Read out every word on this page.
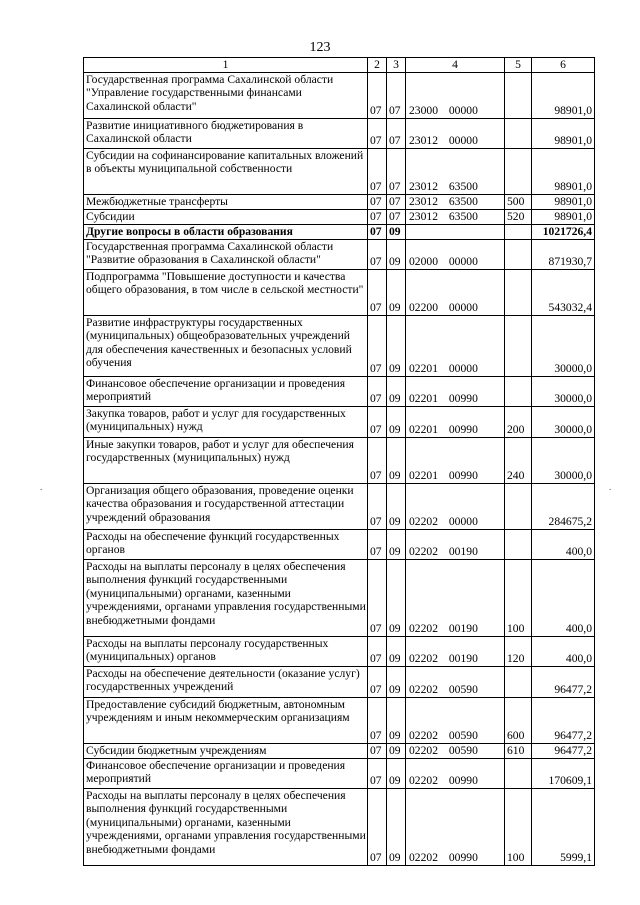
123
1	2	3	4	5	6
Государственная программа Сахалинской области "Управление государственными финансами Сахалинской области"	07	07	23000 00000		98901,0
Развитие инициативного бюджетирования в Сахалинской области	07	07	23012 00000		98901,0
Субсидии на софинансирование капитальных вложений в объекты муниципальной собственности	07	07	23012 63500		98901,0
Межбюджетные трансферты	07	07	23012 63500	500	98901,0
Субсидии	07	07	23012 63500	520	98901,0
Другие вопросы в области образования	07	09			1021726,4
Государственная программа Сахалинской области "Развитие образования в Сахалинской области"	07	09	02000 00000		871930,7
Подпрограмма "Повышение доступности и качества общего образования, в том числе в сельской местности"	07	09	02200 00000		543032,4
Развитие инфраструктуры государственных (муниципальных) общеобразовательных учреждений для обеспечения качественных и безопасных условий обучения	07	09	02201 00000		30000,0
Финансовое обеспечение организации и проведения мероприятий	07	09	02201 00990		30000,0
Закупка товаров, работ и услуг для государственных (муниципальных) нужд	07	09	02201 00990	200	30000,0
Иные закупки товаров, работ и услуг для обеспечения государственных (муниципальных) нужд	07	09	02201 00990	240	30000,0
Организация общего образования, проведение оценки качества образования и государственной аттестации учреждений образования	07	09	02202 00000		284675,2
Расходы на обеспечение функций государственных органов	07	09	02202 00190		400,0
Расходы на выплаты персоналу в целях обеспечения выполнения функций государственными (муниципальными) органами, казенными учреждениями, органами управления государственными внебюджетными фондами	07	09	02202 00190	100	400,0
Расходы на выплаты персоналу государственных (муниципальных) органов	07	09	02202 00190	120	400,0
Расходы на обеспечение деятельности (оказание услуг) государственных учреждений	07	09	02202 00590		96477,2
Предоставление субсидий бюджетным, автономным учреждениям и иным некоммерческим организациям	07	09	02202 00590	600	96477,2
Субсидии бюджетным учреждениям	07	09	02202 00590	610	96477,2
Финансовое обеспечение организации и проведения мероприятий	07	09	02202 00990		170609,1
Расходы на выплаты персоналу в целях обеспечения выполнения функций государственными (муниципальными) органами, казенными учреждениями, органами управления государственными внебюджетными фондами	07	09	02202 00990	100	5999,1
.	.
